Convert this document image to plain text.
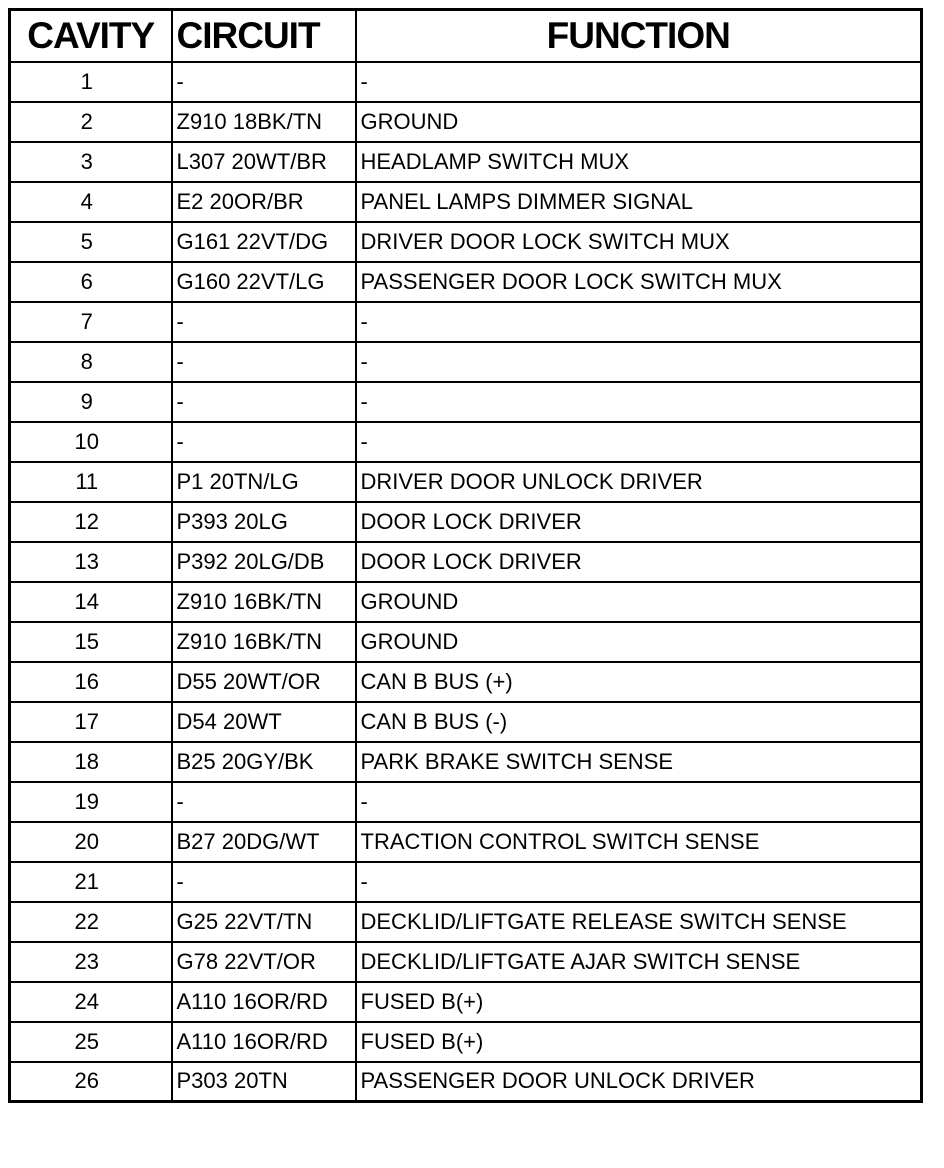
CAVITY	CIRCUIT	FUNCTION
1	-	-
2	Z910 18BK/TN	GROUND
3	L307 20WT/BR	HEADLAMP SWITCH MUX
4	E2 20OR/BR	PANEL LAMPS DIMMER SIGNAL
5	G161 22VT/DG	DRIVER DOOR LOCK SWITCH MUX
6	G160 22VT/LG	PASSENGER DOOR LOCK SWITCH MUX
7	-	-
8	-	-
9	-	-
10	-	-
11	P1 20TN/LG	DRIVER DOOR UNLOCK DRIVER
12	P393 20LG	DOOR LOCK DRIVER
13	P392 20LG/DB	DOOR LOCK DRIVER
14	Z910 16BK/TN	GROUND
15	Z910 16BK/TN	GROUND
16	D55 20WT/OR	CAN B BUS (+)
17	D54 20WT	CAN B BUS (-)
18	B25 20GY/BK	PARK BRAKE SWITCH SENSE
19	-	-
20	B27 20DG/WT	TRACTION CONTROL SWITCH SENSE
21	-	-
22	G25 22VT/TN	DECKLID/LIFTGATE RELEASE SWITCH SENSE
23	G78 22VT/OR	DECKLID/LIFTGATE AJAR SWITCH SENSE
24	A110 16OR/RD	FUSED B(+)
25	A110 16OR/RD	FUSED B(+)
26	P303 20TN	PASSENGER DOOR UNLOCK DRIVER
